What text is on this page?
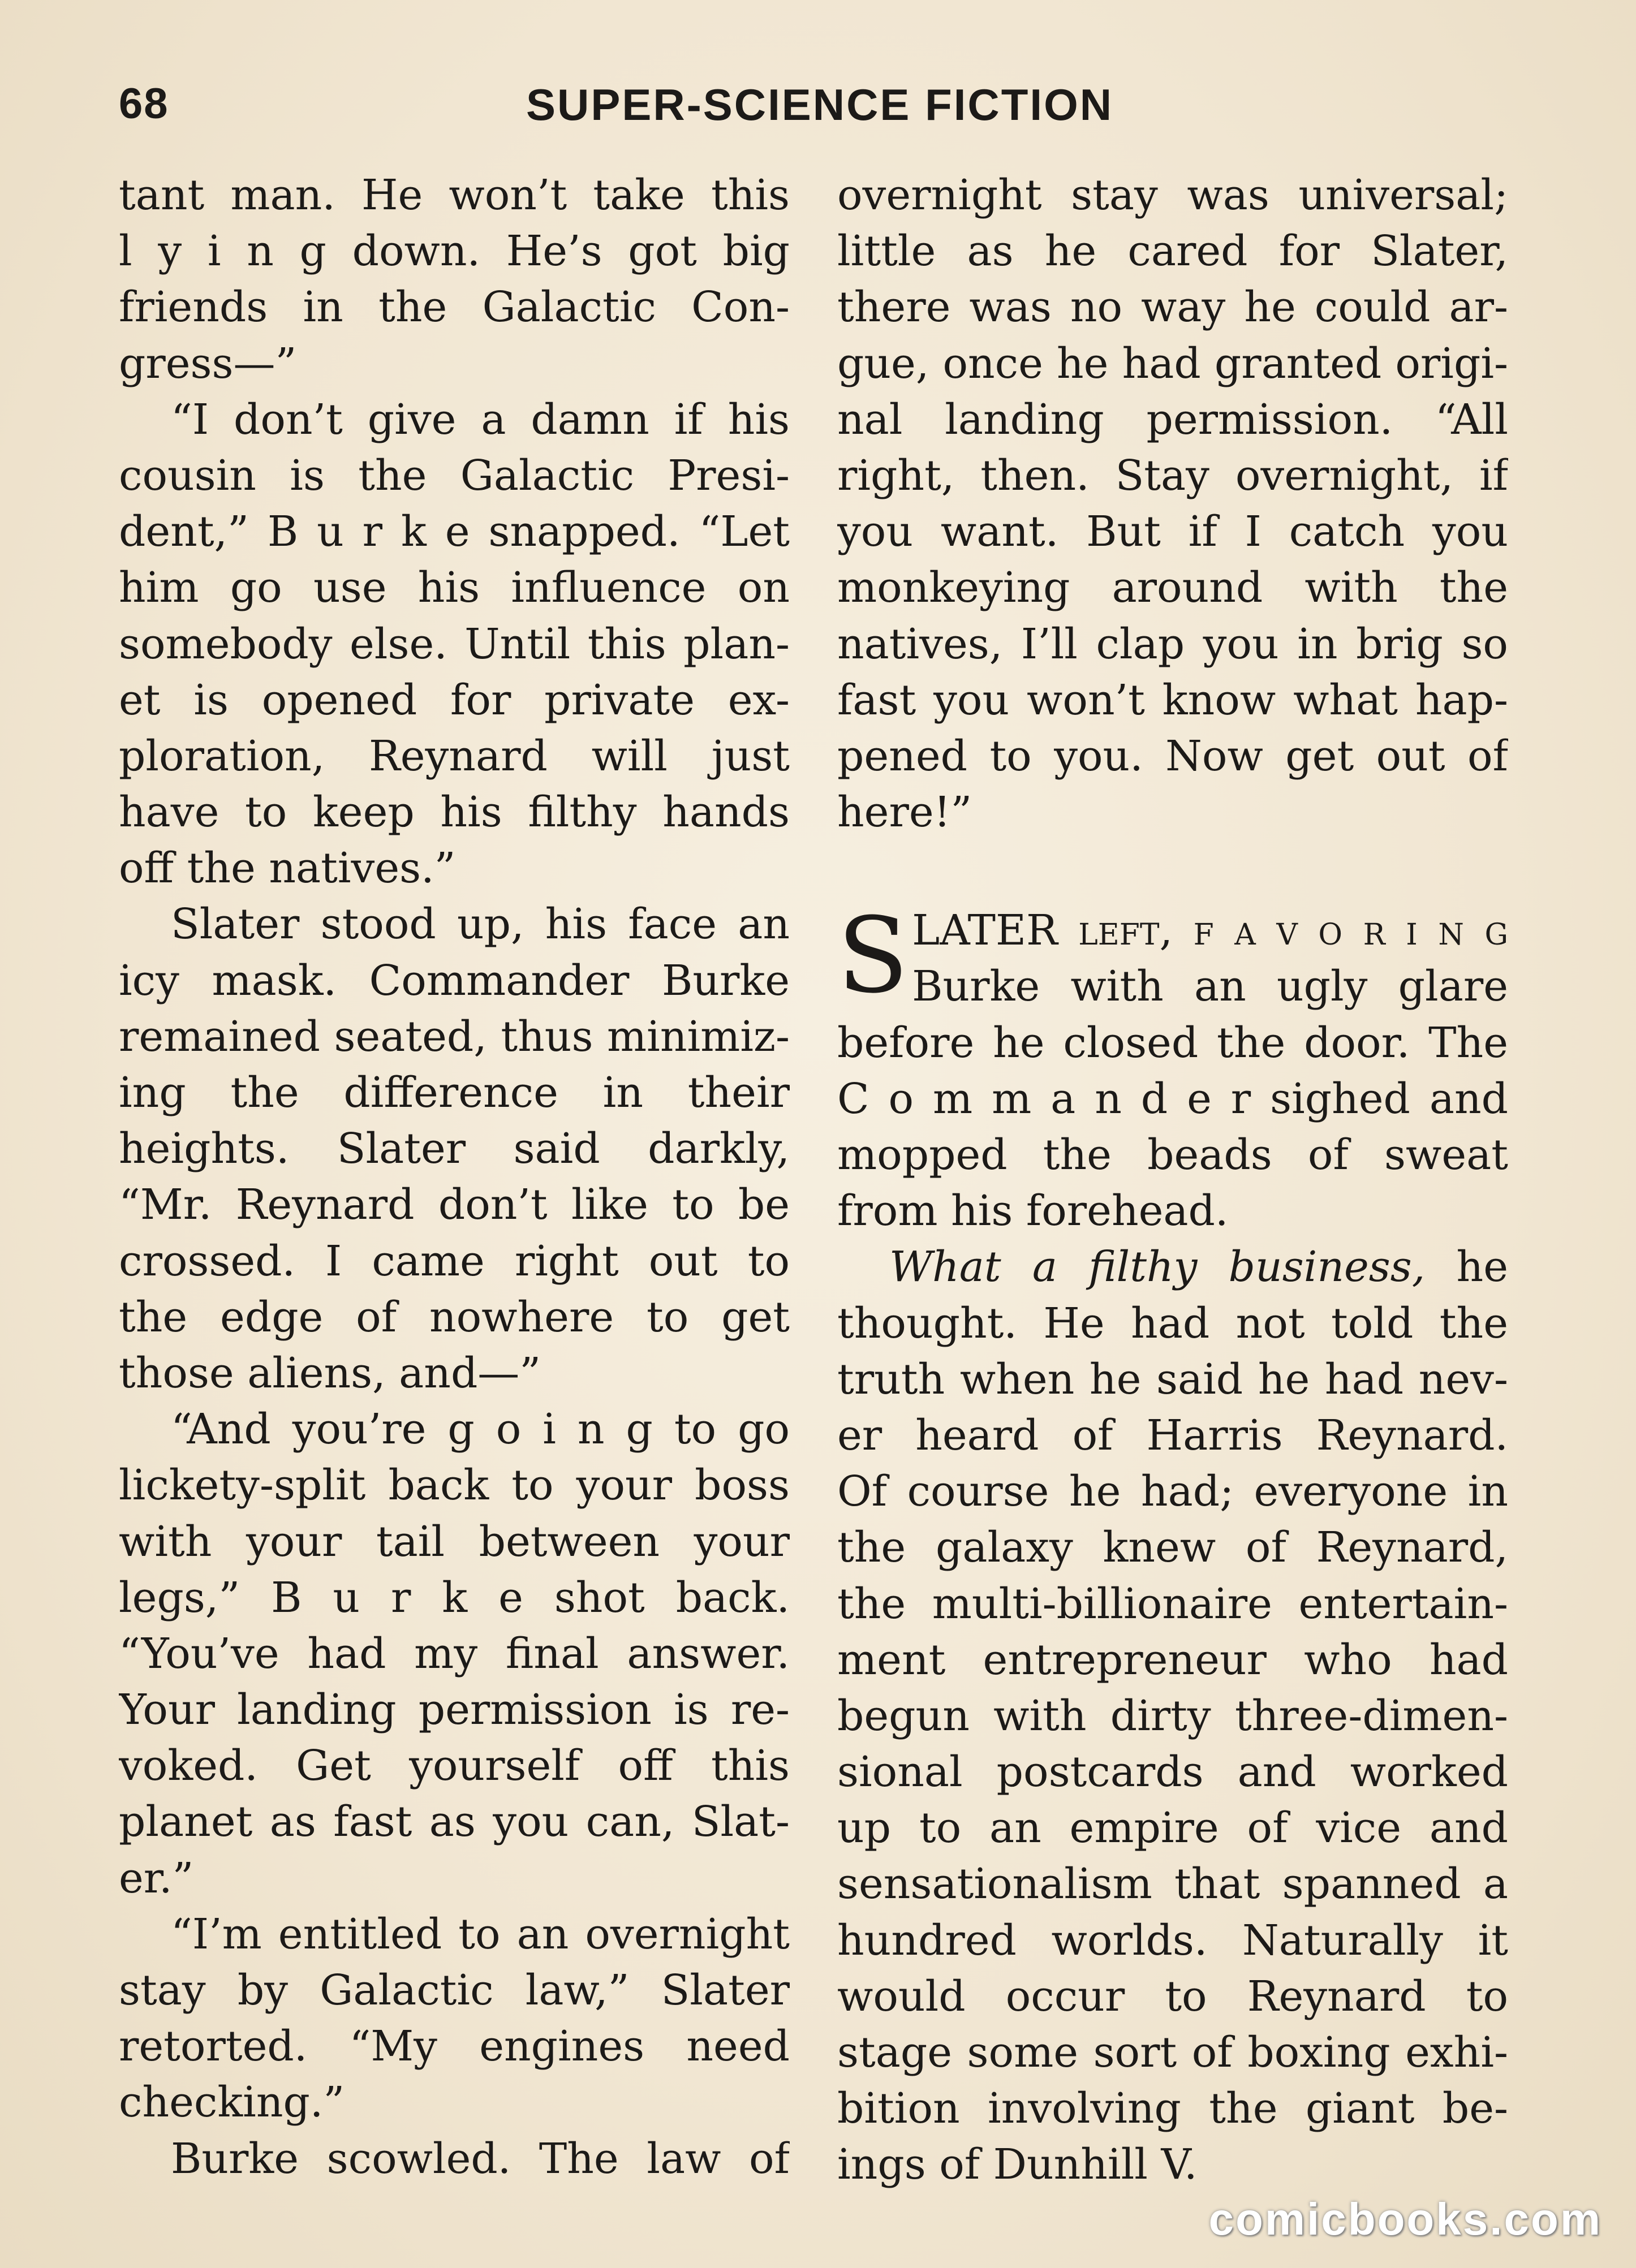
68	SUPER-SCIENCE FICTION
tant man. He won’t take this
l y i n g down. He’s got big
friends in the Galactic Con-
gress—”
“I don’t give a damn if his
cousin is the Galactic Presi-
dent,” B u r k e snapped. “Let
him go use his influence on
somebody else. Until this plan-
et is opened for private ex-
ploration, Reynard will just
have to keep his filthy hands
off the natives.”
Slater stood up, his face an
icy mask. Commander Burke
remained seated, thus minimiz-
ing the difference in their
heights. Slater said darkly,
“Mr. Reynard don’t like to be
crossed. I came right out to
the edge of nowhere to get
those aliens, and—”
“And you’re g o i n g to go
lickety-split back to your boss
with your tail between your
legs,” B u r k e shot back.
“You’ve had my final answer.
Your landing permission is re-
voked. Get yourself off this
planet as fast as you can, Slat-
er.”
“I’m entitled to an overnight
stay by Galactic law,” Slater
retorted. “My engines need
checking.”
Burke scowled. The law of
overnight stay was universal;
little as he cared for Slater,
there was no way he could ar-
gue, once he had granted origi-
nal landing permission. “All
right, then. Stay overnight, if
you want. But if I catch you
monkeying around with the
natives, I’ll clap you in brig so
fast you won’t know what hap-
pened to you. Now get out of
here!”
S LATER left, f a v o r i n g
Burke with an ugly glare
before he closed the door. The
C o m m a n d e r sighed and
mopped the beads of sweat
from his forehead.
What a filthy business, he
thought. He had not told the
truth when he said he had nev-
er heard of Harris Reynard.
Of course he had; everyone in
the galaxy knew of Reynard,
the multi-billionaire entertain-
ment entrepreneur who had
begun with dirty three-dimen-
sional postcards and worked
up to an empire of vice and
sensationalism that spanned a
hundred worlds. Naturally it
would occur to Reynard to
stage some sort of boxing exhi-
bition involving the giant be-
ings of Dunhill V.
comicbooks.com
